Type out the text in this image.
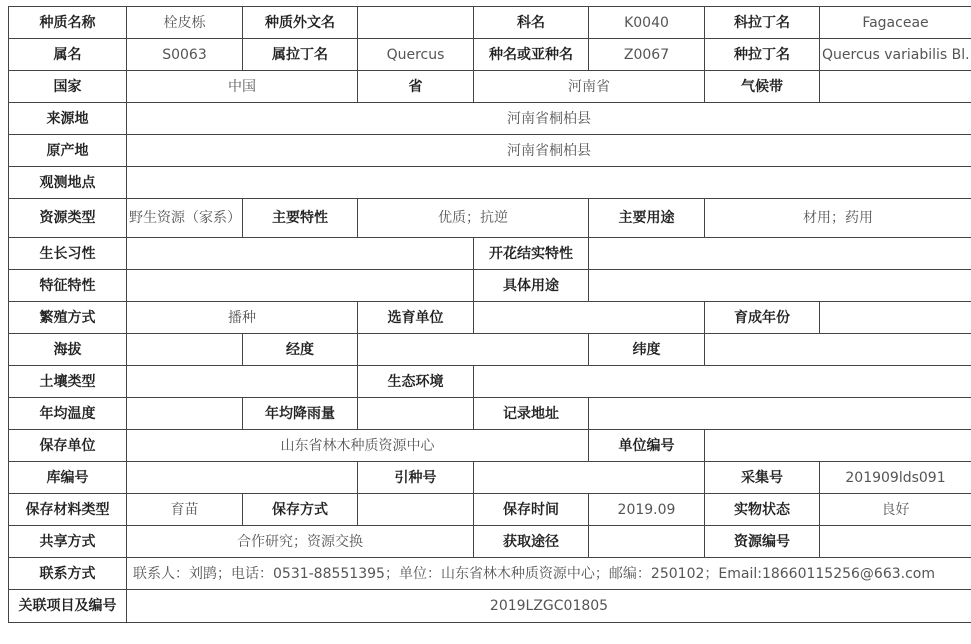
种质名称	栓皮栎	种质外文名		科名	K0040	科拉丁名	Fagaceae
属名	S0063	属拉丁名	Quercus	种名或亚种名	Z0067	种拉丁名	Quercus variabilis Bl.
国家	中国		省	河南省		气候带	
来源地	河南省桐柏县						
原产地	河南省桐柏县						
观测地点							
资源类型	野生资源（家系）	主要特性	优质；抗逆		主要用途	材用；药用	
生长习性				开花结实特性			
特征特性				具体用途			
繁殖方式	播种		选育单位			育成年份	
海拔		经度			纬度		
土壤类型			生态环境				
年均温度		年均降雨量		记录地址			
保存单位	山东省林木种质资源中心				单位编号		
库编号			引种号			采集号	201909lds091
保存材料类型	育苗	保存方式		保存时间	2019.09	实物状态	良好
共享方式	合作研究；资源交换			获取途径		资源编号	
联系方式	联系人：刘鹍；电话：0531-88551395；单位：山东省林木种质资源中心；邮编：250102；Email:18660115256@663.com						
关联项目及编号	2019LZGC01805						
